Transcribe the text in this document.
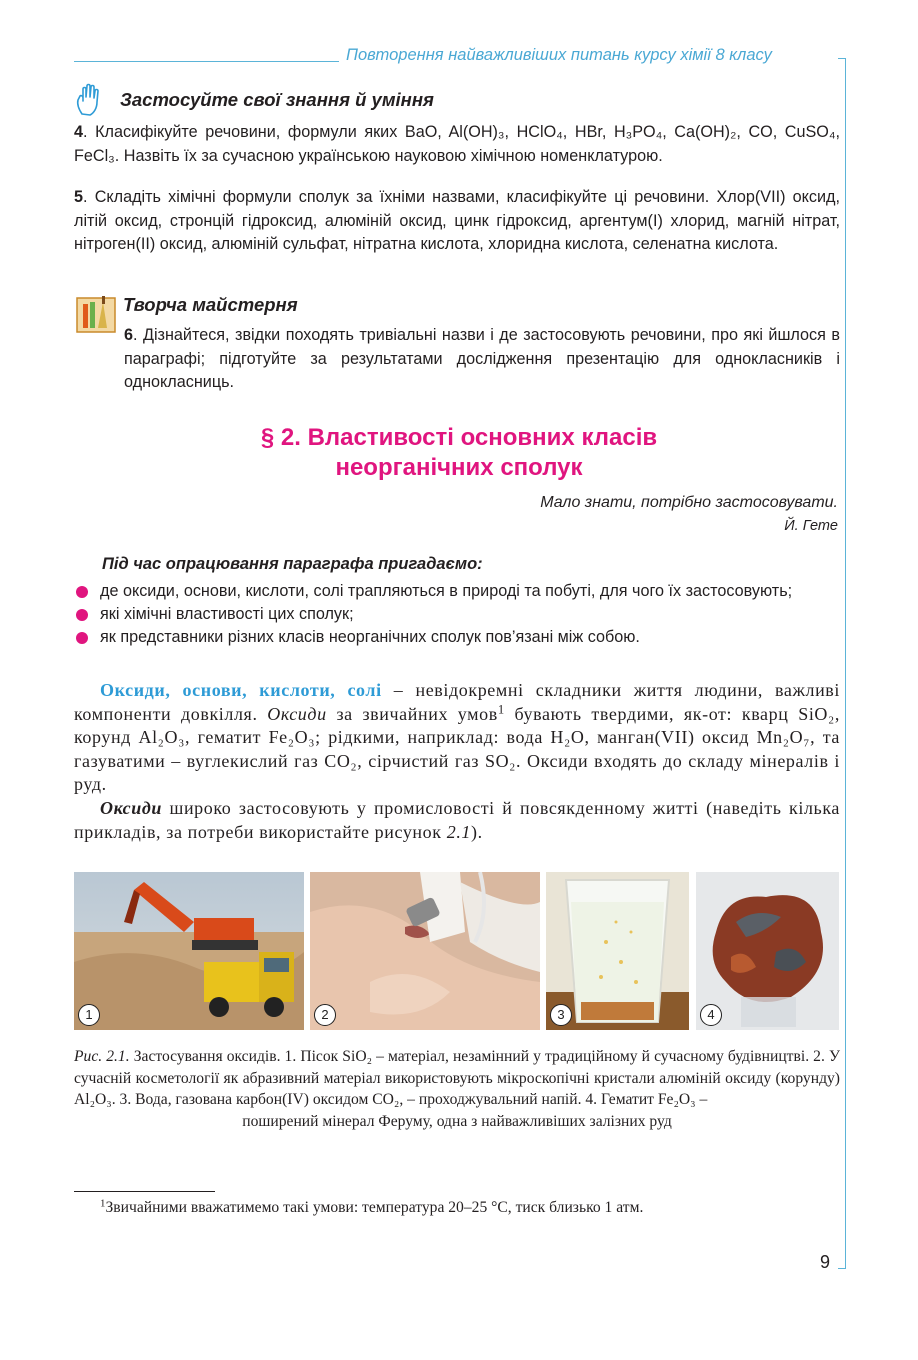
Повторення найважливіших питань курсу хімії 8 класу
Застосуйте свої знання й уміння
4. Класифікуйте речовини, формули яких BaO, Al(OH)₃, HClO₄, HBr, H₃PO₄, Ca(OH)₂, CO, CuSO₄, FeCl₃. Назвіть їх за сучасною українською науковою хімічною номенклатурою.
5. Складіть хімічні формули сполук за їхніми назвами, класифікуйте ці речовини. Хлор(VII) оксид, літій оксид, стронцій гідроксид, алюміній оксид, цинк гідроксид, аргентум(I) хлорид, магній нітрат, нітроген(II) оксид, алюміній сульфат, нітратна кислота, хлоридна кислота, селенатна кислота.
Творча майстерня
6. Дізнайтеся, звідки походять тривіальні назви і де застосовують речовини, про які йшлося в параграфі; підготуйте за результатами дослідження презентацію для однокласників і однокласниць.
§ 2. Властивості основних класів
неорганічних сполук
Мало знати, потрібно застосовувати.
Й. Гете
Під час опрацювання параграфа пригадаємо:
де оксиди, основи, кислоти, солі трапляються в природі та побуті, для чого їх застосовують;
які хімічні властивості цих сполук;
як представники різних класів неорганічних сполук пов’язані між собою.
Оксиди, основи, кислоти, солі – невідокремні складники життя людини, важливі компоненти довкілля. Оксиди за звичайних умов$^1$ бувають твердими, як-от: кварц SiO₂, корунд Al₂O₃, гематит Fe₂O₃; рідкими, наприклад: вода H₂O, манган(VII) оксид Mn₂O₇, та газуватими – вуглекислий газ CO₂, сірчистий газ SO₂. Оксиди входять до складу мінералів і руд.
Оксиди широко застосовують у промисловості й повсякденному житті (наведіть кілька прикладів, за потреби використайте рисунок 2.1).
1	2	3	4
Рис. 2.1. Застосування оксидів. 1. Пісок SiO₂ – матеріал, незамінний у традиційному й сучасному будівництві. 2. У сучасній косметології як абразивний матеріал використовують мікроскопічні кристали алюміній оксиду (корунду) Al₂O₃. 3. Вода, газована карбон(IV) оксидом CO₂, – проходжувальний напій. 4. Гематит Fe₂O₃ –
поширений мінерал Феруму, одна з найважливіших залізних руд
$^1$Звичайними вважатимемо такі умови: температура 20–25 °C, тиск близько 1 атм.
9
